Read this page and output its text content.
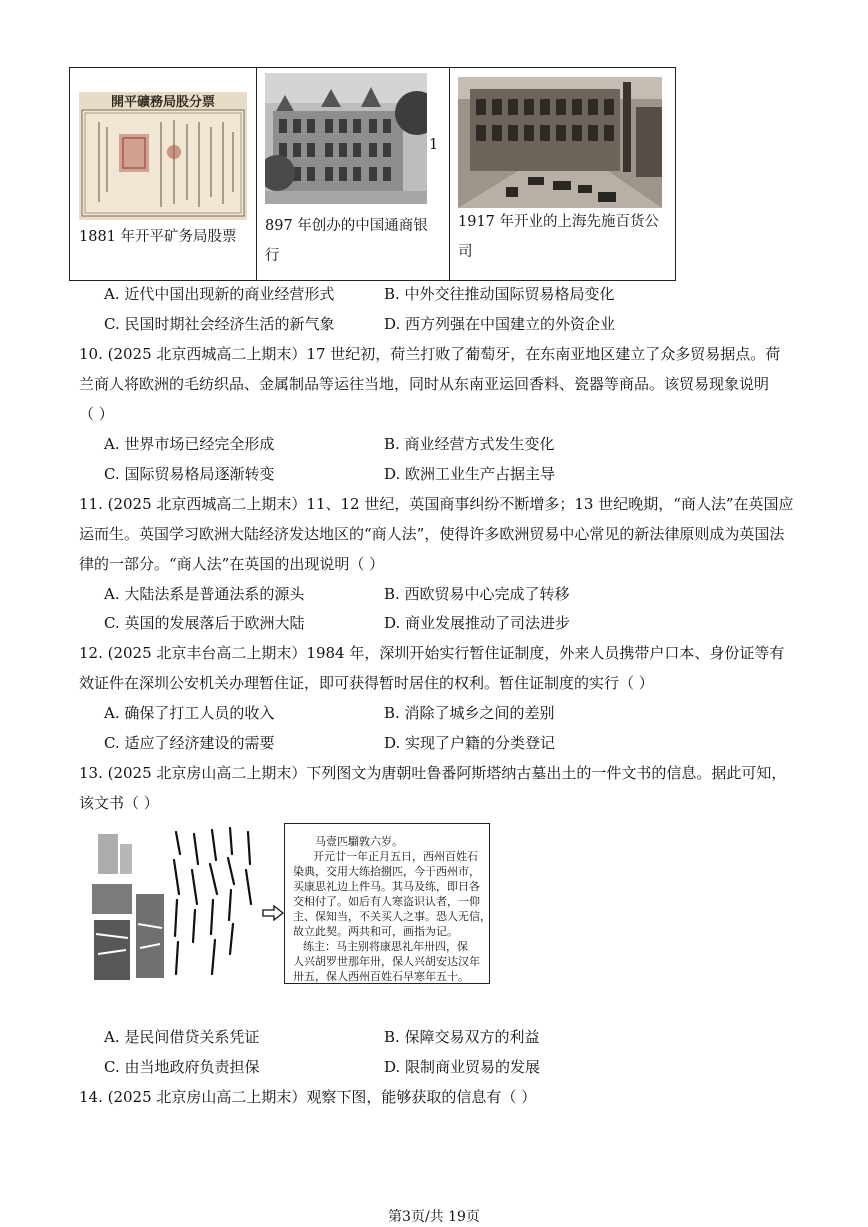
開平礦務局股分票
1881 年开平矿务局股票
1
897 年创办的中国通商银
行
1917 年开业的上海先施百货公
司
A. 近代中国出现新的商业经营形式	B. 中外交往推动国际贸易格局变化
C. 民国时期社会经济生活的新气象	D. 西方列强在中国建立的外资企业
10. (2025 北京西城高二上期末）17 世纪初，荷兰打败了葡萄牙，在东南亚地区建立了众多贸易据点。荷
兰商人将欧洲的毛纺织品、金属制品等运往当地，同时从东南亚运回香料、瓷器等商品。该贸易现象说明
（ ）
A. 世界市场已经完全形成	B. 商业经营方式发生变化
C. 国际贸易格局逐渐转变	D. 欧洲工业生产占据主导
11. (2025 北京西城高二上期末）11、12 世纪，英国商事纠纷不断增多；13 世纪晚期，“商人法”在英国应
运而生。英国学习欧洲大陆经济发达地区的“商人法”，使得许多欧洲贸易中心常见的新法律原则成为英国法
律的一部分。“商人法”在英国的出现说明（ ）
A. 大陆法系是普通法系的源头	B. 西欧贸易中心完成了转移
C. 英国的发展落后于欧洲大陆	D. 商业发展推动了司法进步
12. (2025 北京丰台高二上期末）1984 年，深圳开始实行暂住证制度，外来人员携带户口本、身份证等有
效证件在深圳公安机关办理暂住证，即可获得暂时居住的权利。暂住证制度的实行（ ）
A. 确保了打工人员的收入	B. 消除了城乡之间的差别
C. 适应了经济建设的需要	D. 实现了户籍的分类登记
13. (2025 北京房山高二上期末）下列图文为唐朝吐鲁番阿斯塔纳古墓出土的一件文书的信息。据此可知，
该文书（ ）
马壹匹騮敦六岁。
开元廿一年正月五日，西州百姓石
染典，交用大练拾捌匹，今于西州市，
买康思礼边上件马。其马及练，即日各
交相付了。如后有人寒盗识认者，一仰
主、保知当，不关买人之事。恐人无信，
故立此契。两共和可，画指为记。
练主：马主别将康思礼年卅四，保
人兴胡罗世那年卅，保人兴胡安达汉年
卅五，保人西州百姓石早寒年五十。
A. 是民间借贷关系凭证	B. 保障交易双方的利益
C. 由当地政府负责担保	D. 限制商业贸易的发展
14. (2025 北京房山高二上期末）观察下图，能够获取的信息有（ ）
第3页/共 19页
